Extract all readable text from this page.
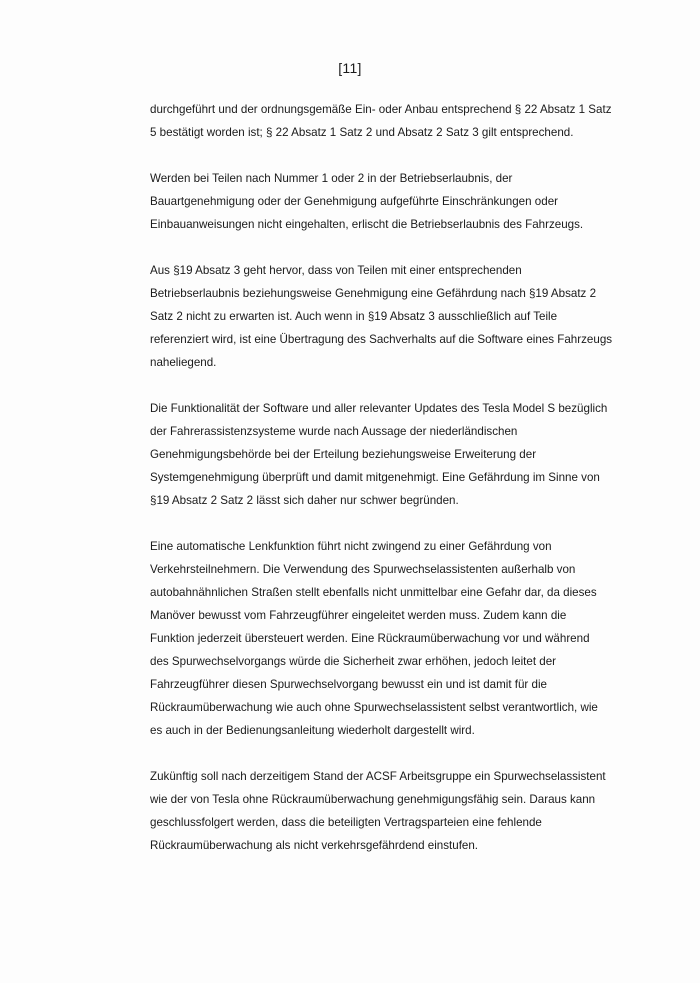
[11]

durchgeführt und der ordnungsgemäße Ein- oder Anbau entsprechend § 22 Absatz 1 Satz
5 bestätigt worden ist; § 22 Absatz 1 Satz 2 und Absatz 2 Satz 3 gilt entsprechend.

Werden bei Teilen nach Nummer 1 oder 2 in der Betriebserlaubnis, der
Bauartgenehmigung oder der Genehmigung aufgeführte Einschränkungen oder
Einbauanweisungen nicht eingehalten, erlischt die Betriebserlaubnis des Fahrzeugs.

Aus §19 Absatz 3 geht hervor, dass von Teilen mit einer entsprechenden
Betriebserlaubnis beziehungsweise Genehmigung eine Gefährdung nach §19 Absatz 2
Satz 2 nicht zu erwarten ist. Auch wenn in §19 Absatz 3 ausschließlich auf Teile
referenziert wird, ist eine Übertragung des Sachverhalts auf die Software eines Fahrzeugs
naheliegend.

Die Funktionalität der Software und aller relevanter Updates des Tesla Model S bezüglich
der Fahrerassistenzsysteme wurde nach Aussage der niederländischen
Genehmigungsbehörde bei der Erteilung beziehungsweise Erweiterung der
Systemgenehmigung überprüft und damit mitgenehmigt. Eine Gefährdung im Sinne von
§19 Absatz 2 Satz 2 lässt sich daher nur schwer begründen.

Eine automatische Lenkfunktion führt nicht zwingend zu einer Gefährdung von
Verkehrsteilnehmern. Die Verwendung des Spurwechselassistenten außerhalb von
autobahnähnlichen Straßen stellt ebenfalls nicht unmittelbar eine Gefahr dar, da dieses
Manöver bewusst vom Fahrzeugführer eingeleitet werden muss. Zudem kann die
Funktion jederzeit übersteuert werden. Eine Rückraumüberwachung vor und während
des Spurwechselvorgangs würde die Sicherheit zwar erhöhen, jedoch leitet der
Fahrzeugführer diesen Spurwechselvorgang bewusst ein und ist damit für die
Rückraumüberwachung wie auch ohne Spurwechselassistent selbst verantwortlich, wie
es auch in der Bedienungsanleitung wiederholt dargestellt wird.

Zukünftig soll nach derzeitigem Stand der ACSF Arbeitsgruppe ein Spurwechselassistent
wie der von Tesla ohne Rückraumüberwachung genehmigungsfähig sein. Daraus kann
geschlussfolgert werden, dass die beteiligten Vertragsparteien eine fehlende
Rückraumüberwachung als nicht verkehrsgefährdend einstufen.
